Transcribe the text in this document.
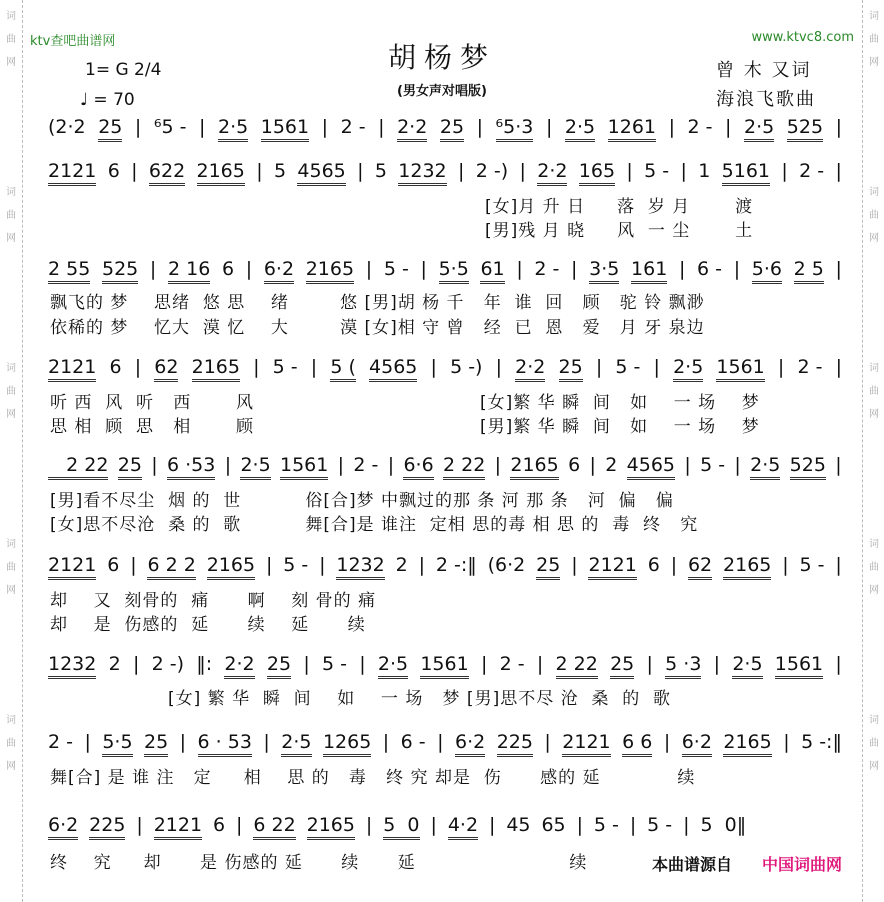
词
曲
网
词
曲
网
词
曲
网
词
曲
网
词
曲
网
词
曲
网
词
曲
网
词
曲
网
词
曲
网
词
曲
网
ktv查吧曲谱网	www.ktvc8.com
胡杨梦
(男女声对唱版)
1= G 2/4
♩ = 70
曾 木 又词
海浪飞歌曲
(2·2 25 | ⁶5 - | 2·5 1561 | 2 - | 2·2 25 | ⁶5·3 | 2·5 1261 | 2 - | 2·5 525 |
2121 6 | 622 2165 | 5 4565 | 5 1232 | 2 -) | 2·2 165 | 5 - | 1 5161 | 2 - |
[女]月 升 日     落  岁 月       渡
[男]残 月 晓     风  一 尘       土
2 55 525 | 2 16 6 | 6·2 2165 | 5 - | 5·5 61 | 2 - | 3·5 161 | 6 - | 5·6 2 5 |
飘飞的 梦    思绪  悠 思    绪        悠 [男]胡 杨 千   年  谁  回   顾   驼 铃 飘渺
依稀的 梦    忆大  漠 忆    大        漠 [女]相 守 曾   经  已  恩   爱   月 牙 泉边
2121 6 | 62 2165 | 5 - | 5 ( 4565 | 5 -) | 2·2 25 | 5 - | 2·5 1561 | 2 - |
听 西  风  听   西       风
思 相  顾  思   相       顾
[女]繁 华 瞬  间   如    一 场    梦
[男]繁 华 瞬  间   如    一 场    梦
2 22 25 | 6 ·53 | 2·5 1561 | 2 - | 6·6 2 22 | 2165 6 | 2 4565 | 5 - | 2·5 525 |
[男]看不尽尘  烟 的  世          俗[合]梦 中飘过的那 条 河 那 条   河  偏   偏
[女]思不尽沧  桑 的  歌          舞[合]是 谁注  定相 思的毒 相 思 的  毒  终   究
2121 6 | 6 2 2 2165 | 5 - | 1232 2 | 2 -:‖ (6·2 25 | 2121 6 | 62 2165 | 5 - |
却    又  刻骨的  痛      啊    刻 骨的 痛
却    是  伤感的  延      续    延      续
1232 2 | 2 -) ‖: 2·2 25 | 5 - | 2·5 1561 | 2 - | 2 22 25 | 5 ·3 | 2·5 1561 |
[女] 繁 华  瞬  间    如    一 场   梦 [男]思不尽 沧  桑  的  歌
2 - | 5·5 25 | 6 · 53 | 2·5 1265 | 6 - | 6·2 225 | 2121 6 6 | 6·2 2165 | 5 -:‖
舞[合] 是 谁 注   定     相    思 的   毒   终 究 却是  伤      感的 延            续
6·2 225 | 2121 6 | 6 22 2165 | 5  0 | 4·2 | 45 65 | 5 - | 5 - | 5  0‖

终    究     却      是 伤感的 延      续      延                        续	本曲谱源自 中国词曲网
